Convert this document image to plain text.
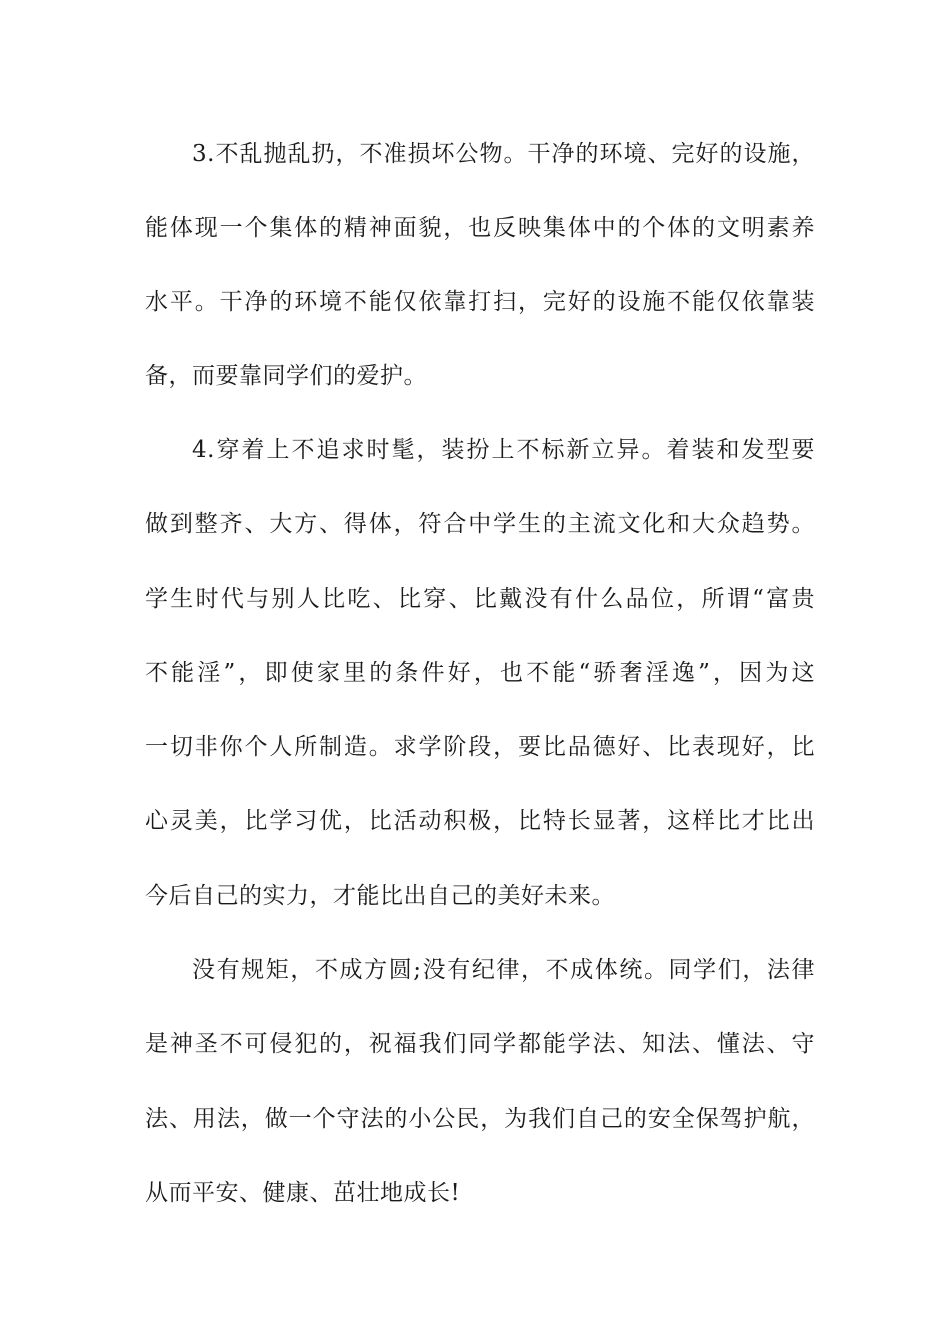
3.不乱抛乱扔，不准损坏公物。干净的环境、完好的设施，

能体现一个集体的精神面貌，也反映集体中的个体的文明素养

水平。干净的环境不能仅依靠打扫，完好的设施不能仅依靠装

备，而要靠同学们的爱护。

4.穿着上不追求时髦，装扮上不标新立异。着装和发型要

做到整齐、大方、得体，符合中学生的主流文化和大众趋势。

学生时代与别人比吃、比穿、比戴没有什么品位，所谓“富贵

不能淫”，即使家里的条件好，也不能“骄奢淫逸”，因为这

一切非你个人所制造。求学阶段，要比品德好、比表现好，比

心灵美，比学习优，比活动积极，比特长显著，这样比才比出

今后自己的实力，才能比出自己的美好未来。

没有规矩，不成方圆;没有纪律，不成体统。同学们，法律

是神圣不可侵犯的，祝福我们同学都能学法、知法、懂法、守

法、用法，做一个守法的小公民，为我们自己的安全保驾护航，

从而平安、健康、茁壮地成长!
